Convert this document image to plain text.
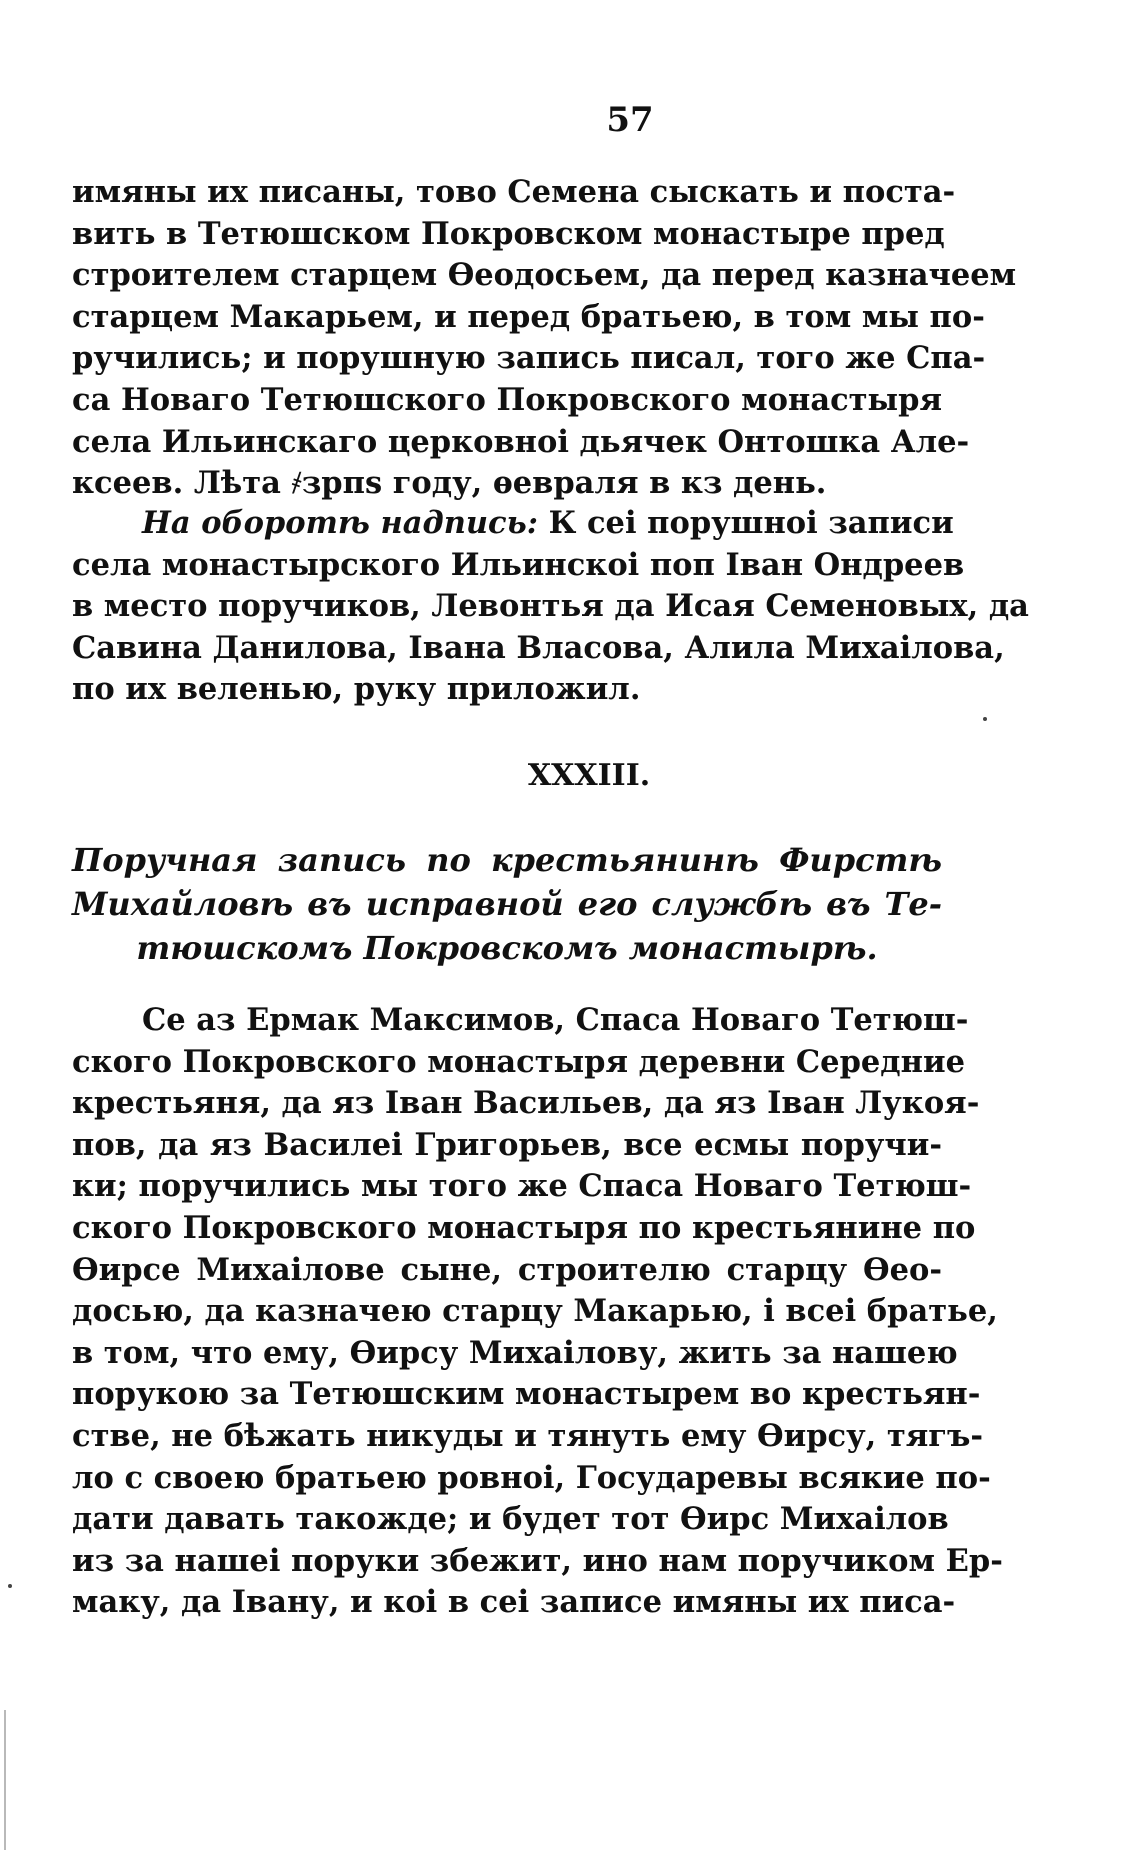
57
имяны их писаны, тово Семена сыскать и поста-
вить в Тетюшском Покровском монастыре пред
строителем старцем Ѳеодосьем, да перед казначеем
старцем Макарьем, и перед братьею, в том мы по-
ручились; и порушную запись писал, того же Спа-
са Новаго Тетюшского Покровского монастыря
села Ильинскаго церковноі дьячек Онтошка Але-
ксеев. Лѣта ҂зрпѕ году, ѳевраля в кз день.
На оборотѣ надпись: К сеі порушноі записи
села монастырского Ильинскоі поп Іван Ондреев
в место поручиков, Левонтья да Исая Семеновых, да
Савина Данилова, Івана Власова, Алила Михаілова,
по их веленью, руку приложил.
XXXIII.
Поручная запись по крестьянинѣ Фирстѣ
Михайловѣ въ исправной его службѣ въ Те-
тюшскомъ Покровскомъ монастырѣ.
Се аз Ермак Максимов, Спаса Новаго Тетюш-
ского Покровского монастыря деревни Середние
крестьяня, да яз Іван Васильев, да яз Іван Лукоя-
пов, да яз Василеі Григорьев, все есмы поручи-
ки; поручились мы того же Спаса Новаго Тетюш-
ского Покровского монастыря по крестьянине по
Ѳирсе Михаілове сыне, строителю старцу Ѳео-
досью, да казначею старцу Макарью, і всеі братье,
в том, что ему, Ѳирсу Михаілову, жить за нашею
порукою за Тетюшским монастырем во крестьян-
стве, не бѣжать никуды и тянуть ему Ѳирсу, тягъ-
ло с своею братьею ровноі, Государевы всякие по-
дати давать такожде; и будет тот Ѳирс Михаілов
из за нашеі поруки збежит, ино нам поручиком Ер-
маку, да Івану, и коі в сеі записе имяны их писа-
